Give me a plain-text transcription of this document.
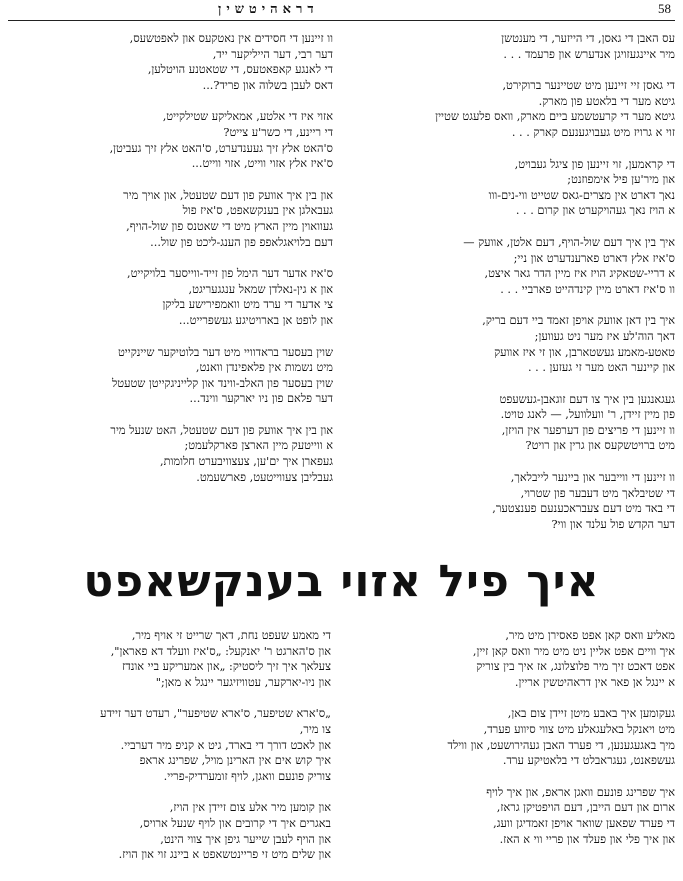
דראהיטשין	58

עס האבן די גאסן, די הייזער, די מענטשן

מיר איינגעזויגן אנדערש און פרעמד . . .

די גאסן זיי זיינען מיט שטיינער ברוקירט,

גיטא מער די בלאטע פון מארק.

גיטא מער די קרעטשמע ביים מארק, וואס פלעגט שטיין

זוי א גרויז מיט געבויגענעם קארק . . .

די קראמען, זוי זיינען פון ציגל געבויט,

און מיר'ען פיל אימפוזנט;

נאך דארט אין מצרים-גאס שטייט ווי-נים-ווו

א הויז נאך געהויקערט און קרום . . .

איך בין איך דעם שול-הויף, דעם אלטן, אוועק —

ס'איז אלץ דארט פארענדערט און ניי;

א דריי-שטאקיג הויז איז מיין הדר גאר איצט,

וו ס'איז דארט מיין קינדהייט פארביי . . .

איך בין דאן אוועק אויפן זאמד ביי דעם בריק,

דאך הוה'לע איז מער ניט געווען;

טאטע-מאמע געשטארבן, און זי איז אוועק

און קיינער האט מער זי געזען . . .

געגאנגען בין איך צו דעם זוגאבן-געשעפט

פון מיין זיידן, ר' וועלוועל, — לאנג טויט.

וו זיינען די פריצים פון דערפער אין הויזן,

מיט ברויטשקעס און גרין און רויט?

וו זיינען די ווייבער און ביינער לייבלאך,

די שטיבלאך מיט דעבער פון שטרוי,

די באד מיט דעם צעבראכענעם פענצטער,

דער הקדש פול עלנד און ווי?

וו זיינען די חסידים אין נאטקעס און לאפטשעס,

דער רבי, דער הייליקער ייד,

די לאנגע קאפאטעס, די שטאטנע הויטלען,

דאס לעבן בשלוה און פריד?...

אזוי איז די אלטע, אמאליקע שטילקייט,

די ריינע, די כשר'ע צייט?

ס'האט אלץ זיך געענדערט, ס'האט אלץ זיך געביטן,

ס'איז אלץ אזוי ווייט, אזוי ווייט...

און בין איך אוועק פון דעם שטעטל, און אויך מיר

געבאלגן אין בענקשאפט, ס'איז פול

געוואוין מיין הארץ מיט די שאטנס פון שול-הויף,

דעם בלויאגלאפפ פון הענג-ליכט פון שול...

ס'איז אדער דער הימל פון זייד-ווייסער בלויקייט,

און א גין-נאלדן שמאל ענגגעריגט,

צי אדער די ערד מיט וואמפירישע בליקן

און לופט אן בארויטיגע געשפרייט...

שוין בעסער בראדוויי מיט דער בלוטיקער שיינקייט

מיט נשמות אין פלאפינדן וואנט,

שוין בעסער פון האלב-ווינד און קלייניגקייטן שטעטל

דער פלאם פון ניו יארקער ווינד...

און בין איך אוועק פון דעם שטעטל, האט שנעל מיר

א ווייטעק מיין הארצן פארקלעמט;

געפארן איך ים'ען, צעצוויבערט חלומות,

געבליבן צעווייטעט, פארשעמט.

איך פיל אזוי בענקשאפט

מאליע וואס קאן אפט פאסירן מיט מיר,

איך וויים אפט אליין ניט מיט מיר וואס קאן זיין,

אפט דאכט זיך מיר פלוצלונג, אז איך בין צוריק

א יינגל אן פאר אין דראהיטשין אריין.

געקומען איך באבע מיטן זיידן צום באן,

מיט ויאנקל באלעגאלע מיט צווי סיווע פערד,

מיך באגעגענען, די פערד האבן געהירושעט, און ווילד

געשפאנט, געגראבלט די בלאטיקע ערד.

איך שפרינג פונעם וואגן אראפ, און איך לויף

ארום און דעם הייבן, דעם הויפטיקן גראז,

די פערד שפאען שוואר אויפן זאמדיגן וועג,

און איך פלי און פעלד און פריי ווי א האז.

די מאמע שעפט נחת, דאך שרייט זי אויף מיר,

און ס'הארגט ר' יאנקעל: „ס'איז וועלד דא פאראן",

צעלאך איך זיך ליסטיק: „און אמעריקע ביי אונדז

און ניו-יארקער, עטוויזיגער יינגל א מאן;"

„ס'ארא שטיפער, ס'ארא שטיפער", רעדט דער זיידע

צו מיר,

און לאכט דורך די בארד, גיט א קניפ מיר דערביי.

איך קוש אים אין הארינן מויל, שפרינג אראפ

צוריק פונעם וואגן, לויף זומערדיק-פריי.

און קומען מיר אלע צום זיידן אין הויז,

באגרים איך די קרובים און לויף שנעל ארויס,

און הויף לעבן שייער גיפן איך צווי הינט,

און שלים מיט זי פריינטשאפט א ביינג זוי און הויז.
